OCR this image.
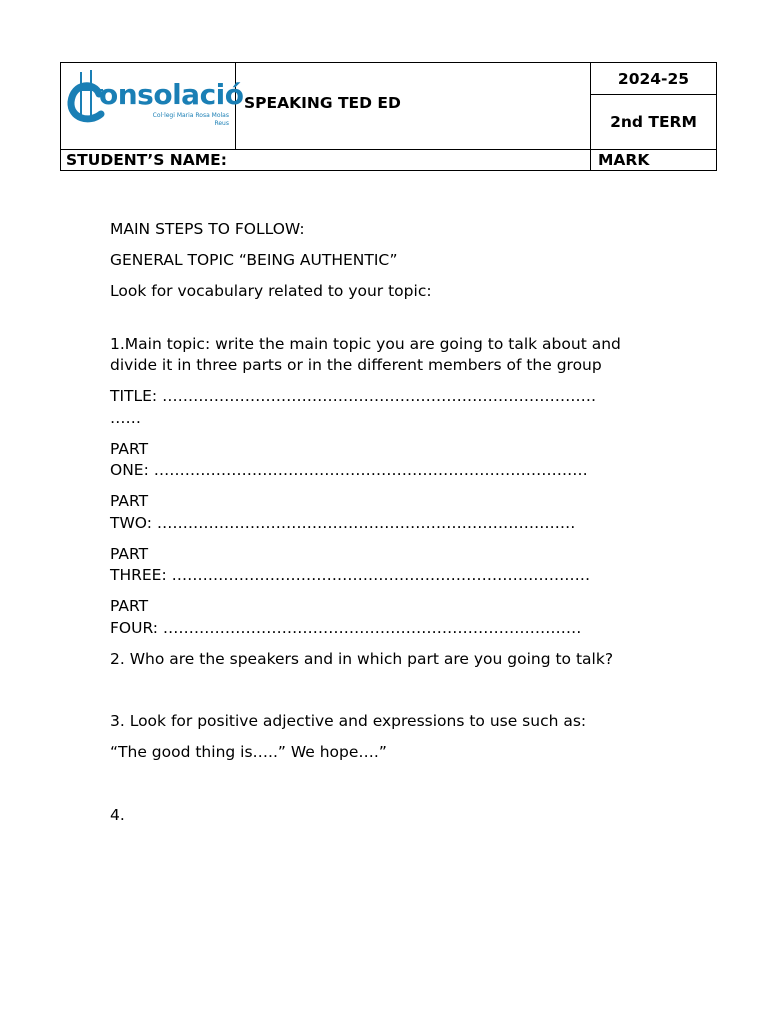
onsolació
Col·legi Maria Rosa Molas
Reus	SPEAKING TED ED	2024-25
		2nd TERM
STUDENT’S NAME:		MARK

MAIN STEPS TO FOLLOW:

GENERAL TOPIC “BEING AUTHENTIC”

Look for vocabulary related to your topic:

1.Main topic: write the main topic you are going to talk about and divide it in three parts or in the different members of the group

TITLE: …………………………………………………………………………

……

PART

ONE: …………………………………………………………………………

PART

TWO: ………………………………………………………………………

PART

THREE: ………………………………………………………………………

PART

FOUR: ………………………………………………………………………

2. Who are the speakers and in which part are you going to talk?

3. Look for positive adjective and expressions to use such as:

“The good thing is…..” We hope….”

4.
